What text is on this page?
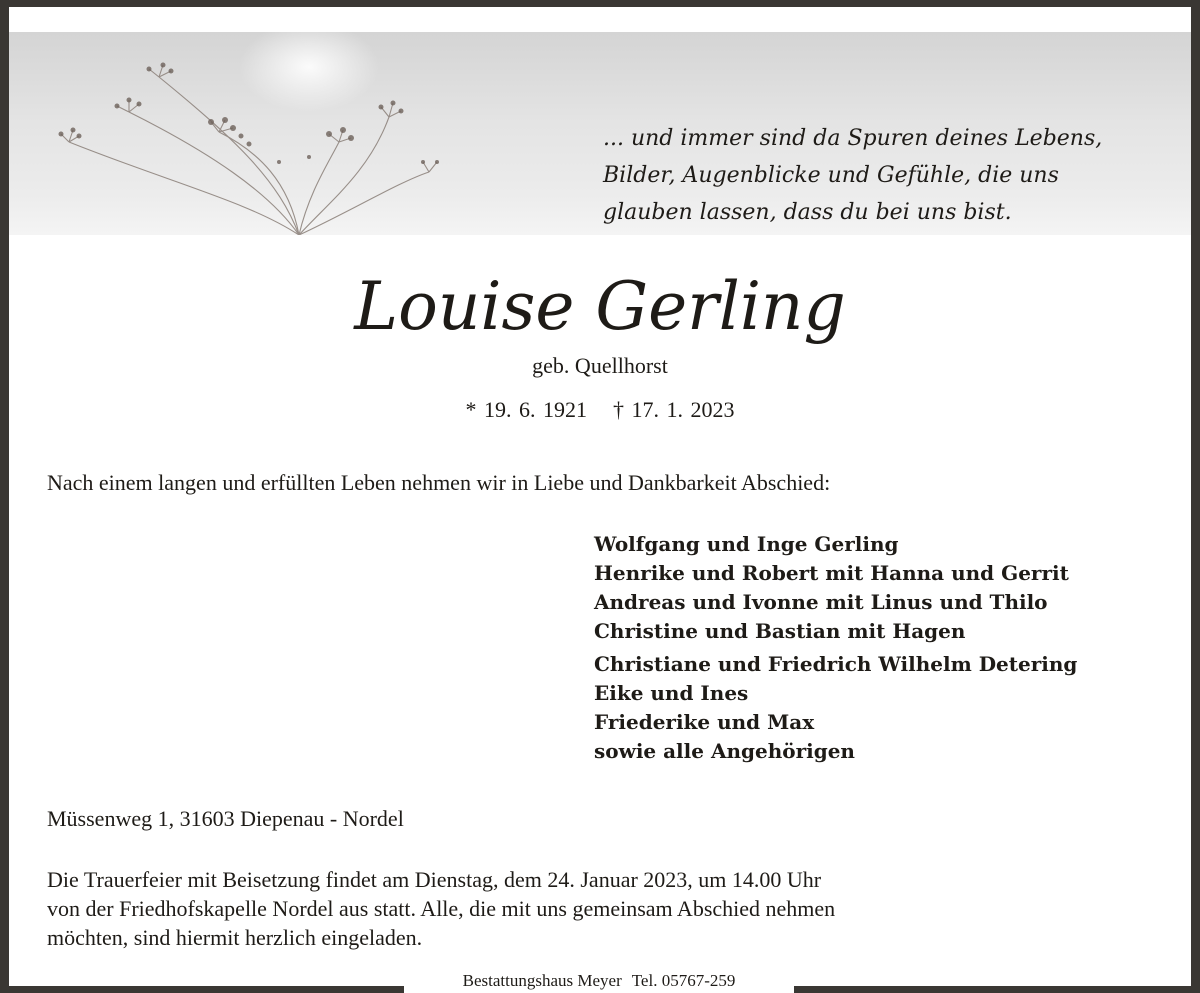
... und immer sind da Spuren deines Lebens,
Bilder, Augenblicke und Gefühle, die uns
glauben lassen, dass du bei uns bist.
Louise Gerling
geb. Quellhorst
* 19. 6. 1921 † 17. 1. 2023
Nach einem langen und erfüllten Leben nehmen wir in Liebe und Dankbarkeit Abschied:
Wolfgang und Inge Gerling
Henrike und Robert mit Hanna und Gerrit
Andreas und Ivonne mit Linus und Thilo
Christine und Bastian mit Hagen
Christiane und Friedrich Wilhelm Detering
Eike und Ines
Friederike und Max
sowie alle Angehörigen
Müssenweg 1, 31603 Diepenau - Nordel
Die Trauerfeier mit Beisetzung findet am Dienstag, dem 24. Januar 2023, um 14.00 Uhr
von der Friedhofskapelle Nordel aus statt. Alle, die mit uns gemeinsam Abschied nehmen
möchten, sind hiermit herzlich eingeladen.
Bestattungshaus Meyer Tel. 05767-259
